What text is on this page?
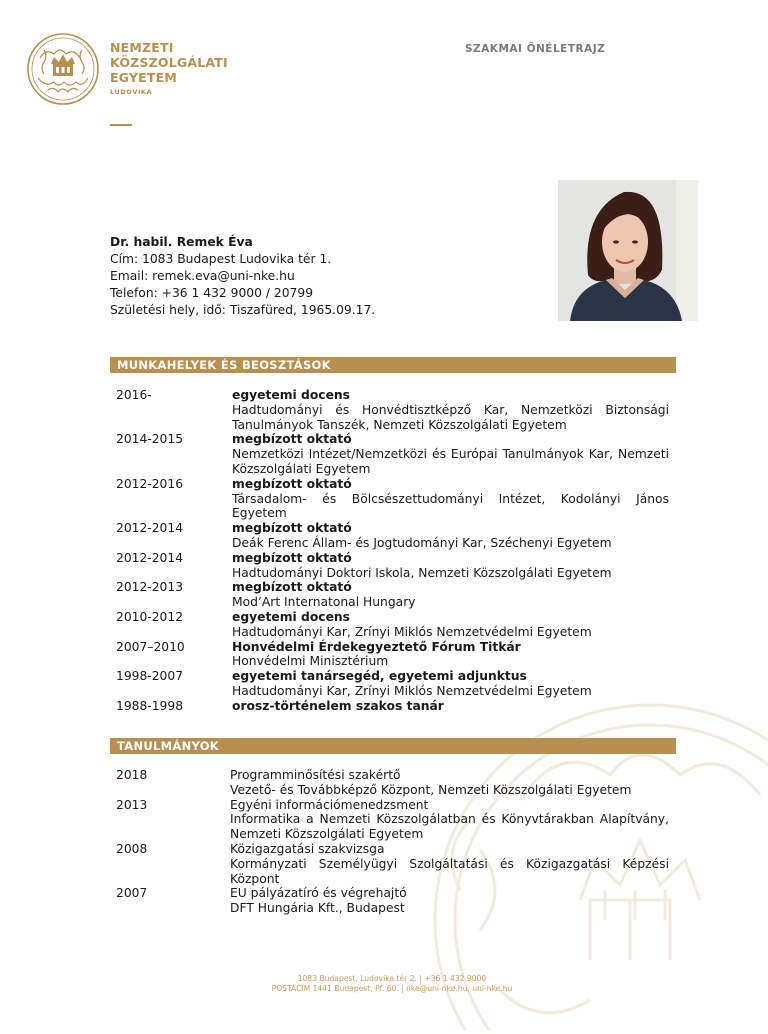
NEMZETI
KÖZSZOLGÁLATI
EGYETEM
LUDOVIKA
SZAKMAI ÖNÉLETRAJZ
Dr. habil. Remek Éva
Cím: 1083 Budapest Ludovika tér 1.
Email: remek.eva@uni-nke.hu
Telefon: +36 1 432 9000 / 20799
Születési hely, idő: Tiszafüred, 1965.09.17.
MUNKAHELYEK ÉS BEOSZTÁSOK
2016-	egyetemi docens
Hadtudományi és Honvédtisztképző Kar, Nemzetközi Biztonsági Tanulmányok Tanszék, Nemzeti Közszolgálati Egyetem
2014-2015	megbízott oktató
Nemzetközi Intézet/Nemzetközi és Európai Tanulmányok Kar, Nemzeti Közszolgálati Egyetem
2012-2016	megbízott oktató
Társadalom- és Bölcsészettudományi Intézet, Kodolányi János Egyetem
2012-2014	megbízott oktató
Deák Ferenc Állam- és Jogtudományi Kar, Széchenyi Egyetem
2012-2014	megbízott oktató
Hadtudományi Doktori Iskola, Nemzeti Közszolgálati Egyetem
2012-2013	megbízott oktató
Mod’Art Internatonal Hungary
2010-2012	egyetemi docens
Hadtudományi Kar, Zrínyi Miklós Nemzetvédelmi Egyetem
2007–2010	Honvédelmi Érdekegyeztető Fórum Titkár
Honvédelmi Minisztérium
1998-2007	egyetemi tanársegéd, egyetemi adjunktus
Hadtudományi Kar, Zrínyi Miklós Nemzetvédelmi Egyetem
1988-1998	orosz-történelem szakos tanár
TANULMÁNYOK
2018	Programminősítési szakértő
Vezető- és Továbbképző Központ, Nemzeti Közszolgálati Egyetem
2013	Egyéni információmenedzsment
Informatika a Nemzeti Közszolgálatban és Könyvtárakban Alapítvány, Nemzeti Közszolgálati Egyetem
2008	Közigazgatási szakvizsga
Kormányzati Személyügyi Szolgáltatási és Közigazgatási Képzési Központ
2007	EU pályázatíró és végrehajtó
DFT Hungária Kft., Budapest
1083 Budapest, Ludovika tér 2. | +36 1 432 9000
POSTACÍM 1441 Budapest, Pf. 60. | nke@uni-nke.hu, uni-nke.hu
